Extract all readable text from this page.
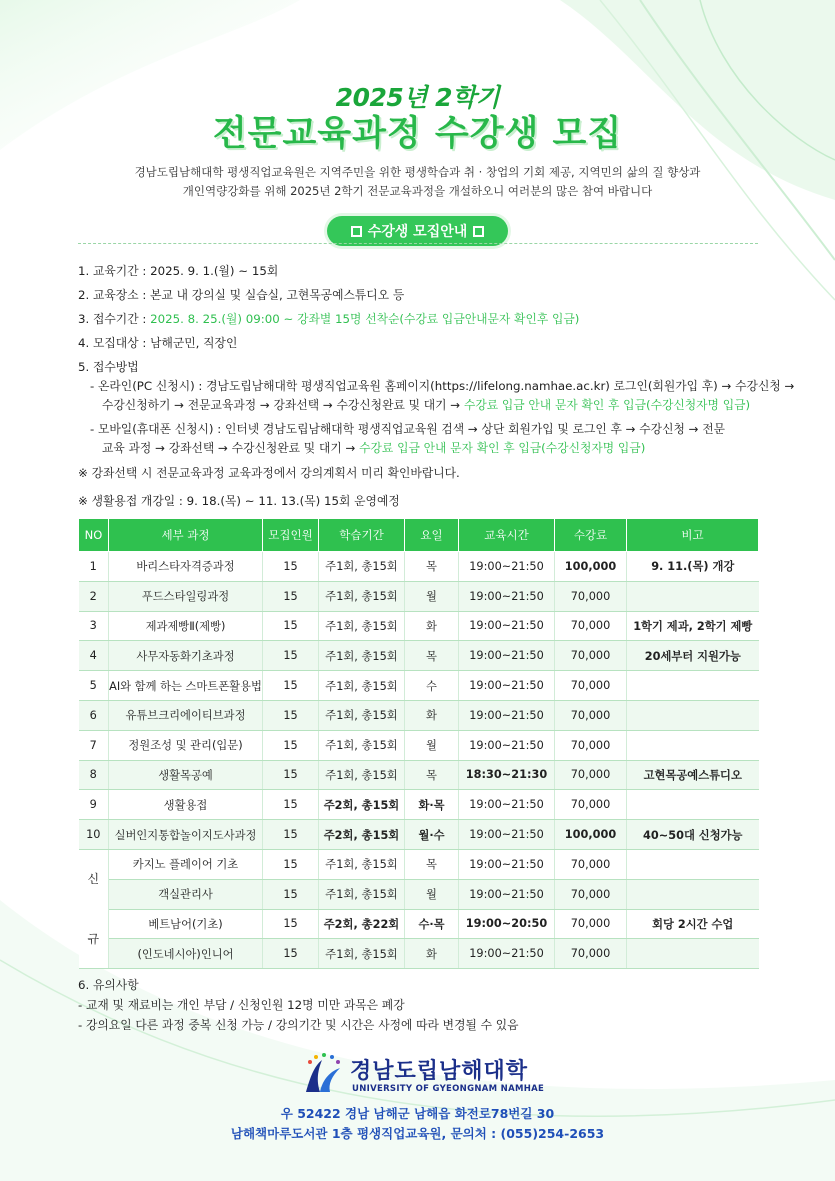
2025년 2학기
전문교육과정 수강생 모집
경남도립남해대학 평생직업교육원은 지역주민을 위한 평생학습과 취 · 창업의 기회 제공, 지역민의 삶의 질 향상과
개인역량강화를 위해 2025년 2학기 전문교육과정을 개설하오니 여러분의 많은 참여 바랍니다
수강생 모집안내
1. 교육기간 : 2025. 9. 1.(월) ~ 15회
2. 교육장소 : 본교 내 강의실 및 실습실, 고현목공예스튜디오 등
3. 접수기간 : 2025. 8. 25.(월) 09:00 ~ 강좌별 15명 선착순(수강료 입금안내문자 확인후 입금)
4. 모집대상 : 남해군민, 직장인
5. 접수방법
- 온라인(PC 신청시) : 경남도립남해대학 평생직업교육원 홈페이지(https://lifelong.namhae.ac.kr) 로그인(회원가입 후) → 수강신청 →
수강신청하기 → 전문교육과정 → 강좌선택 → 수강신청완료 및 대기 → 수강료 입금 안내 문자 확인 후 입금(수강신청자명 입금)
- 모바일(휴대폰 신청시) : 인터넷 경남도립남해대학 평생직업교육원 검색 → 상단 회원가입 및 로그인 후 → 수강신청 → 전문
교육 과정 → 강좌선택 → 수강신청완료 및 대기 → 수강료 입금 안내 문자 확인 후 입금(수강신청자명 입금)
※ 강좌선택 시 전문교육과정 교육과정에서 강의계획서 미리 확인바랍니다.
※ 생활용접 개강일 : 9. 18.(목) ~ 11. 13.(목) 15회 운영예정
NO	세부 과정	모집인원	학습기간	요일	교육시간	수강료	비고
1	바리스타자격증과정	15	주1회, 총15회	목	19:00~21:50	100,000	9. 11.(목) 개강
2	푸드스타일링과정	15	주1회, 총15회	월	19:00~21:50	70,000	
3	제과제빵Ⅱ(제빵)	15	주1회, 총15회	화	19:00~21:50	70,000	1학기 제과, 2학기 제빵
4	사무자동화기초과정	15	주1회, 총15회	목	19:00~21:50	70,000	20세부터 지원가능
5	AI와 함께 하는 스마트폰활용법	15	주1회, 총15회	수	19:00~21:50	70,000	
6	유튜브크리에이티브과정	15	주1회, 총15회	화	19:00~21:50	70,000	
7	정원조성 및 관리(입문)	15	주1회, 총15회	월	19:00~21:50	70,000	
8	생활목공예	15	주1회, 총15회	목	18:30~21:30	70,000	고현목공예스튜디오
9	생활용접	15	주2회, 총15회	화·목	19:00~21:50	70,000	
10	실버인지통합놀이지도사과정	15	주2회, 총15회	월·수	19:00~21:50	100,000	40~50대 신청가능
신

규	카지노 플레이어 기초	15	주1회, 총15회	목	19:00~21:50	70,000	
	객실관리사	15	주1회, 총15회	월	19:00~21:50	70,000	
	베트남어(기초)	15	주2회, 총22회	수·목	19:00~20:50	70,000	회당 2시간 수업
	(인도네시아)인니어	15	주1회, 총15회	화	19:00~21:50	70,000	
6. 유의사항
- 교재 및 재료비는 개인 부담 / 신청인원 12명 미만 과목은 폐강
- 강의요일 다른 과정 중복 신청 가능 / 강의기간 및 시간은 사정에 따라 변경될 수 있음
경남도립남해대학
UNIVERSITY OF GYEONGNAM NAMHAE
우 52422 경남 남해군 남해읍 화전로78번길 30
남해책마루도서관 1층 평생직업교육원, 문의처 : (055)254-2653
